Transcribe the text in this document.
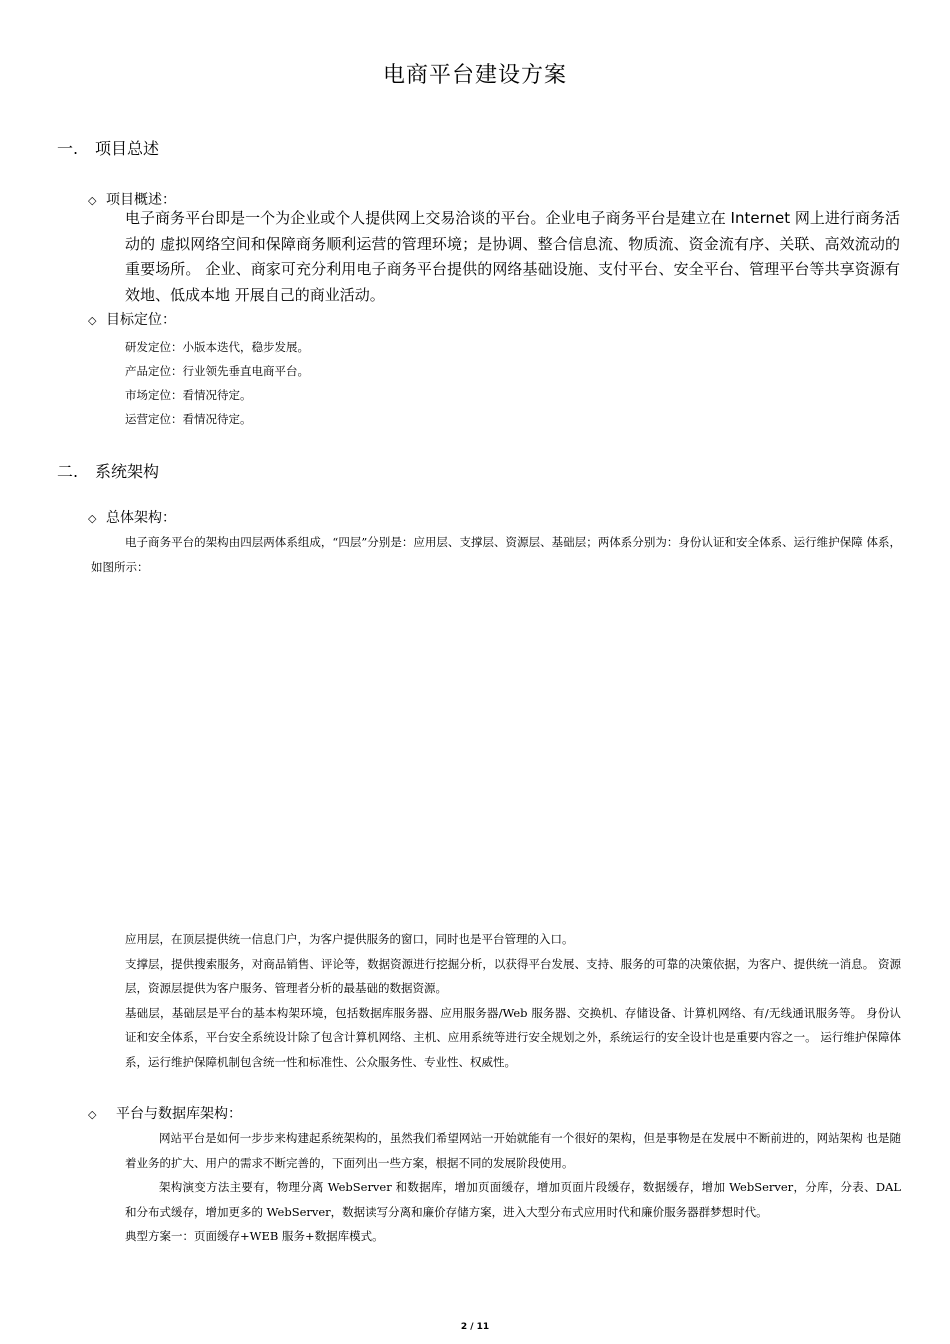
电商平台建设方案
一. 项目总述
◇ 项目概述：
电子商务平台即是一个为企业或个人提供网上交易洽谈的平台。企业电子商务平台是建立在 Internet 网上进行商务活动的 虚拟网络空间和保障商务顺利运营的管理环境；是协调、整合信息流、物质流、资金流有序、关联、高效流动的重要场所。 企业、商家可充分利用电子商务平台提供的网络基础设施、支付平台、安全平台、管理平台等共享资源有效地、低成本地 开展自己的商业活动。
◇ 目标定位：
研发定位：小版本迭代，稳步发展。
产品定位：行业领先垂直电商平台。
市场定位：看情况待定。
运营定位：看情况待定。
二. 系统架构
◇ 总体架构：
电子商务平台的架构由四层两体系组成，“四层”分别是：应用层、支撑层、资源层、基础层；两体系分别为：身份认证和安全体系、运行维护保障 体系，如图所示：
应用层，在顶层提供统一信息门户，为客户提供服务的窗口，同时也是平台管理的入口。
支撑层，提供搜索服务，对商品销售、评论等，数据资源进行挖掘分析，以获得平台发展、支持、服务的可靠的决策依据，为客户、提供统一消息。 资源层，资源层提供为客户服务、管理者分析的最基础的数据资源。
基础层，基础层是平台的基本构架环境，包括数据库服务器、应用服务器/Web 服务器、交换机、存储设备、计算机网络、有/无线通讯服务等。 身份认证和安全体系，平台安全系统设计除了包含计算机网络、主机、应用系统等进行安全规划之外，系统运行的安全设计也是重要内容之一。 运行维护保障体系，运行维护保障机制包含统一性和标准性、公众服务性、专业性、权威性。
◇ 平台与数据库架构：
网站平台是如何一步步来构建起系统架构的，虽然我们希望网站一开始就能有一个很好的架构，但是事物是在发展中不断前进的，网站架构 也是随着业务的扩大、用户的需求不断完善的，下面列出一些方案，根据不同的发展阶段使用。
架构演变方法主要有，物理分离 WebServer 和数据库，增加页面缓存，增加页面片段缓存，数据缓存，增加 WebServer，分库，分表、DAL 和分布式缓存，增加更多的 WebServer，数据读写分离和廉价存储方案，进入大型分布式应用时代和廉价服务器群梦想时代。
典型方案一：页面缓存+WEB 服务+数据库模式。
2 / 11
